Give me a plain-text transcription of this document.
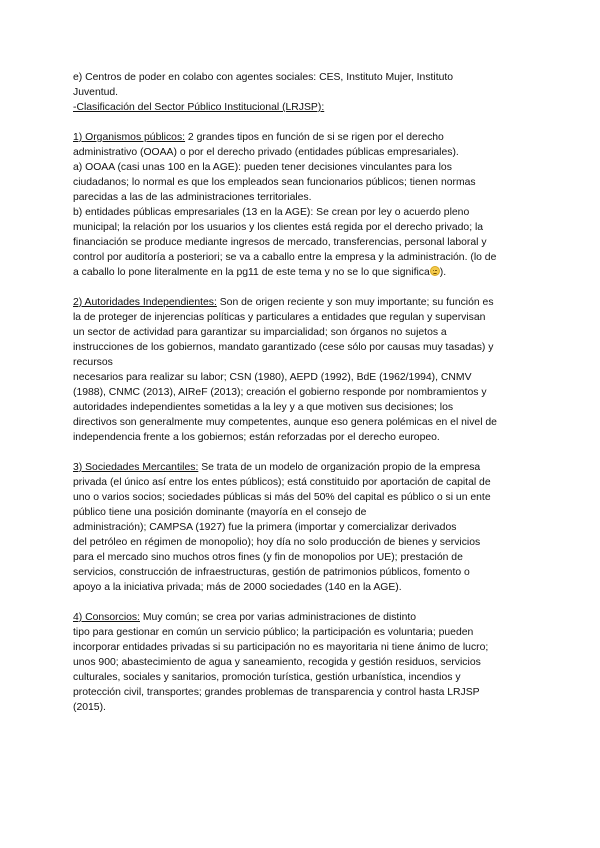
e) Centros de poder en colabo con agentes sociales: CES, Instituto Mujer, Instituto
Juventud.
-Clasificación del Sector Público Institucional (LRJSP):
1) Organismos públicos: 2 grandes tipos en función de si se rigen por el derecho
administrativo (OOAA) o por el derecho privado (entidades públicas empresariales).
a) OOAA (casi unas 100 en la AGE): pueden tener decisiones vinculantes para los
ciudadanos; lo normal es que los empleados sean funcionarios públicos; tienen normas
parecidas a las de las administraciones territoriales.
b) entidades públicas empresariales (13 en la AGE): Se crean por ley o acuerdo pleno
municipal; la relación por los usuarios y los clientes está regida por el derecho privado; la
financiación se produce mediante ingresos de mercado, transferencias, personal laboral y
control por auditoría a posteriori; se va a caballo entre la empresa y la administración. (lo de
a caballo lo pone literalmente en la pg11 de este tema y no se lo que significa ).
2) Autoridades Independientes: Son de origen reciente y son muy importante; su función es
la de proteger de injerencias políticas y particulares a entidades que regulan y supervisan
un sector de actividad para garantizar su imparcialidad; son órganos no sujetos a
instrucciones de los gobiernos, mandato garantizado (cese sólo por causas muy tasadas) y
recursos
necesarios para realizar su labor; CSN (1980), AEPD (1992), BdE (1962/1994), CNMV
(1988), CNMC (2013), AIReF (2013); creación el gobierno responde por nombramientos y
autoridades independientes sometidas a la ley y a que motiven sus decisiones; los
directivos son generalmente muy competentes, aunque eso genera polémicas en el nivel de
independencia frente a los gobiernos; están reforzadas por el derecho europeo.
3) Sociedades Mercantiles: Se trata de un modelo de organización propio de la empresa
privada (el único así entre los entes públicos); está constituido por aportación de capital de
uno o varios socios; sociedades públicas si más del 50% del capital es público o si un ente
público tiene una posición dominante (mayoría en el consejo de
administración); CAMPSA (1927) fue la primera (importar y comercializar derivados
del petróleo en régimen de monopolio); hoy día no solo producción de bienes y servicios
para el mercado sino muchos otros fines (y fin de monopolios por UE); prestación de
servicios, construcción de infraestructuras, gestión de patrimonios públicos, fomento o
apoyo a la iniciativa privada; más de 2000 sociedades (140 en la AGE).
4) Consorcios: Muy común; se crea por varias administraciones de distinto
tipo para gestionar en común un servicio público; la participación es voluntaria; pueden
incorporar entidades privadas si su participación no es mayoritaria ni tiene ánimo de lucro;
unos 900; abastecimiento de agua y saneamiento, recogida y gestión residuos, servicios
culturales, sociales y sanitarios, promoción turística, gestión urbanística, incendios y
protección civil, transportes; grandes problemas de transparencia y control hasta LRJSP
(2015).
